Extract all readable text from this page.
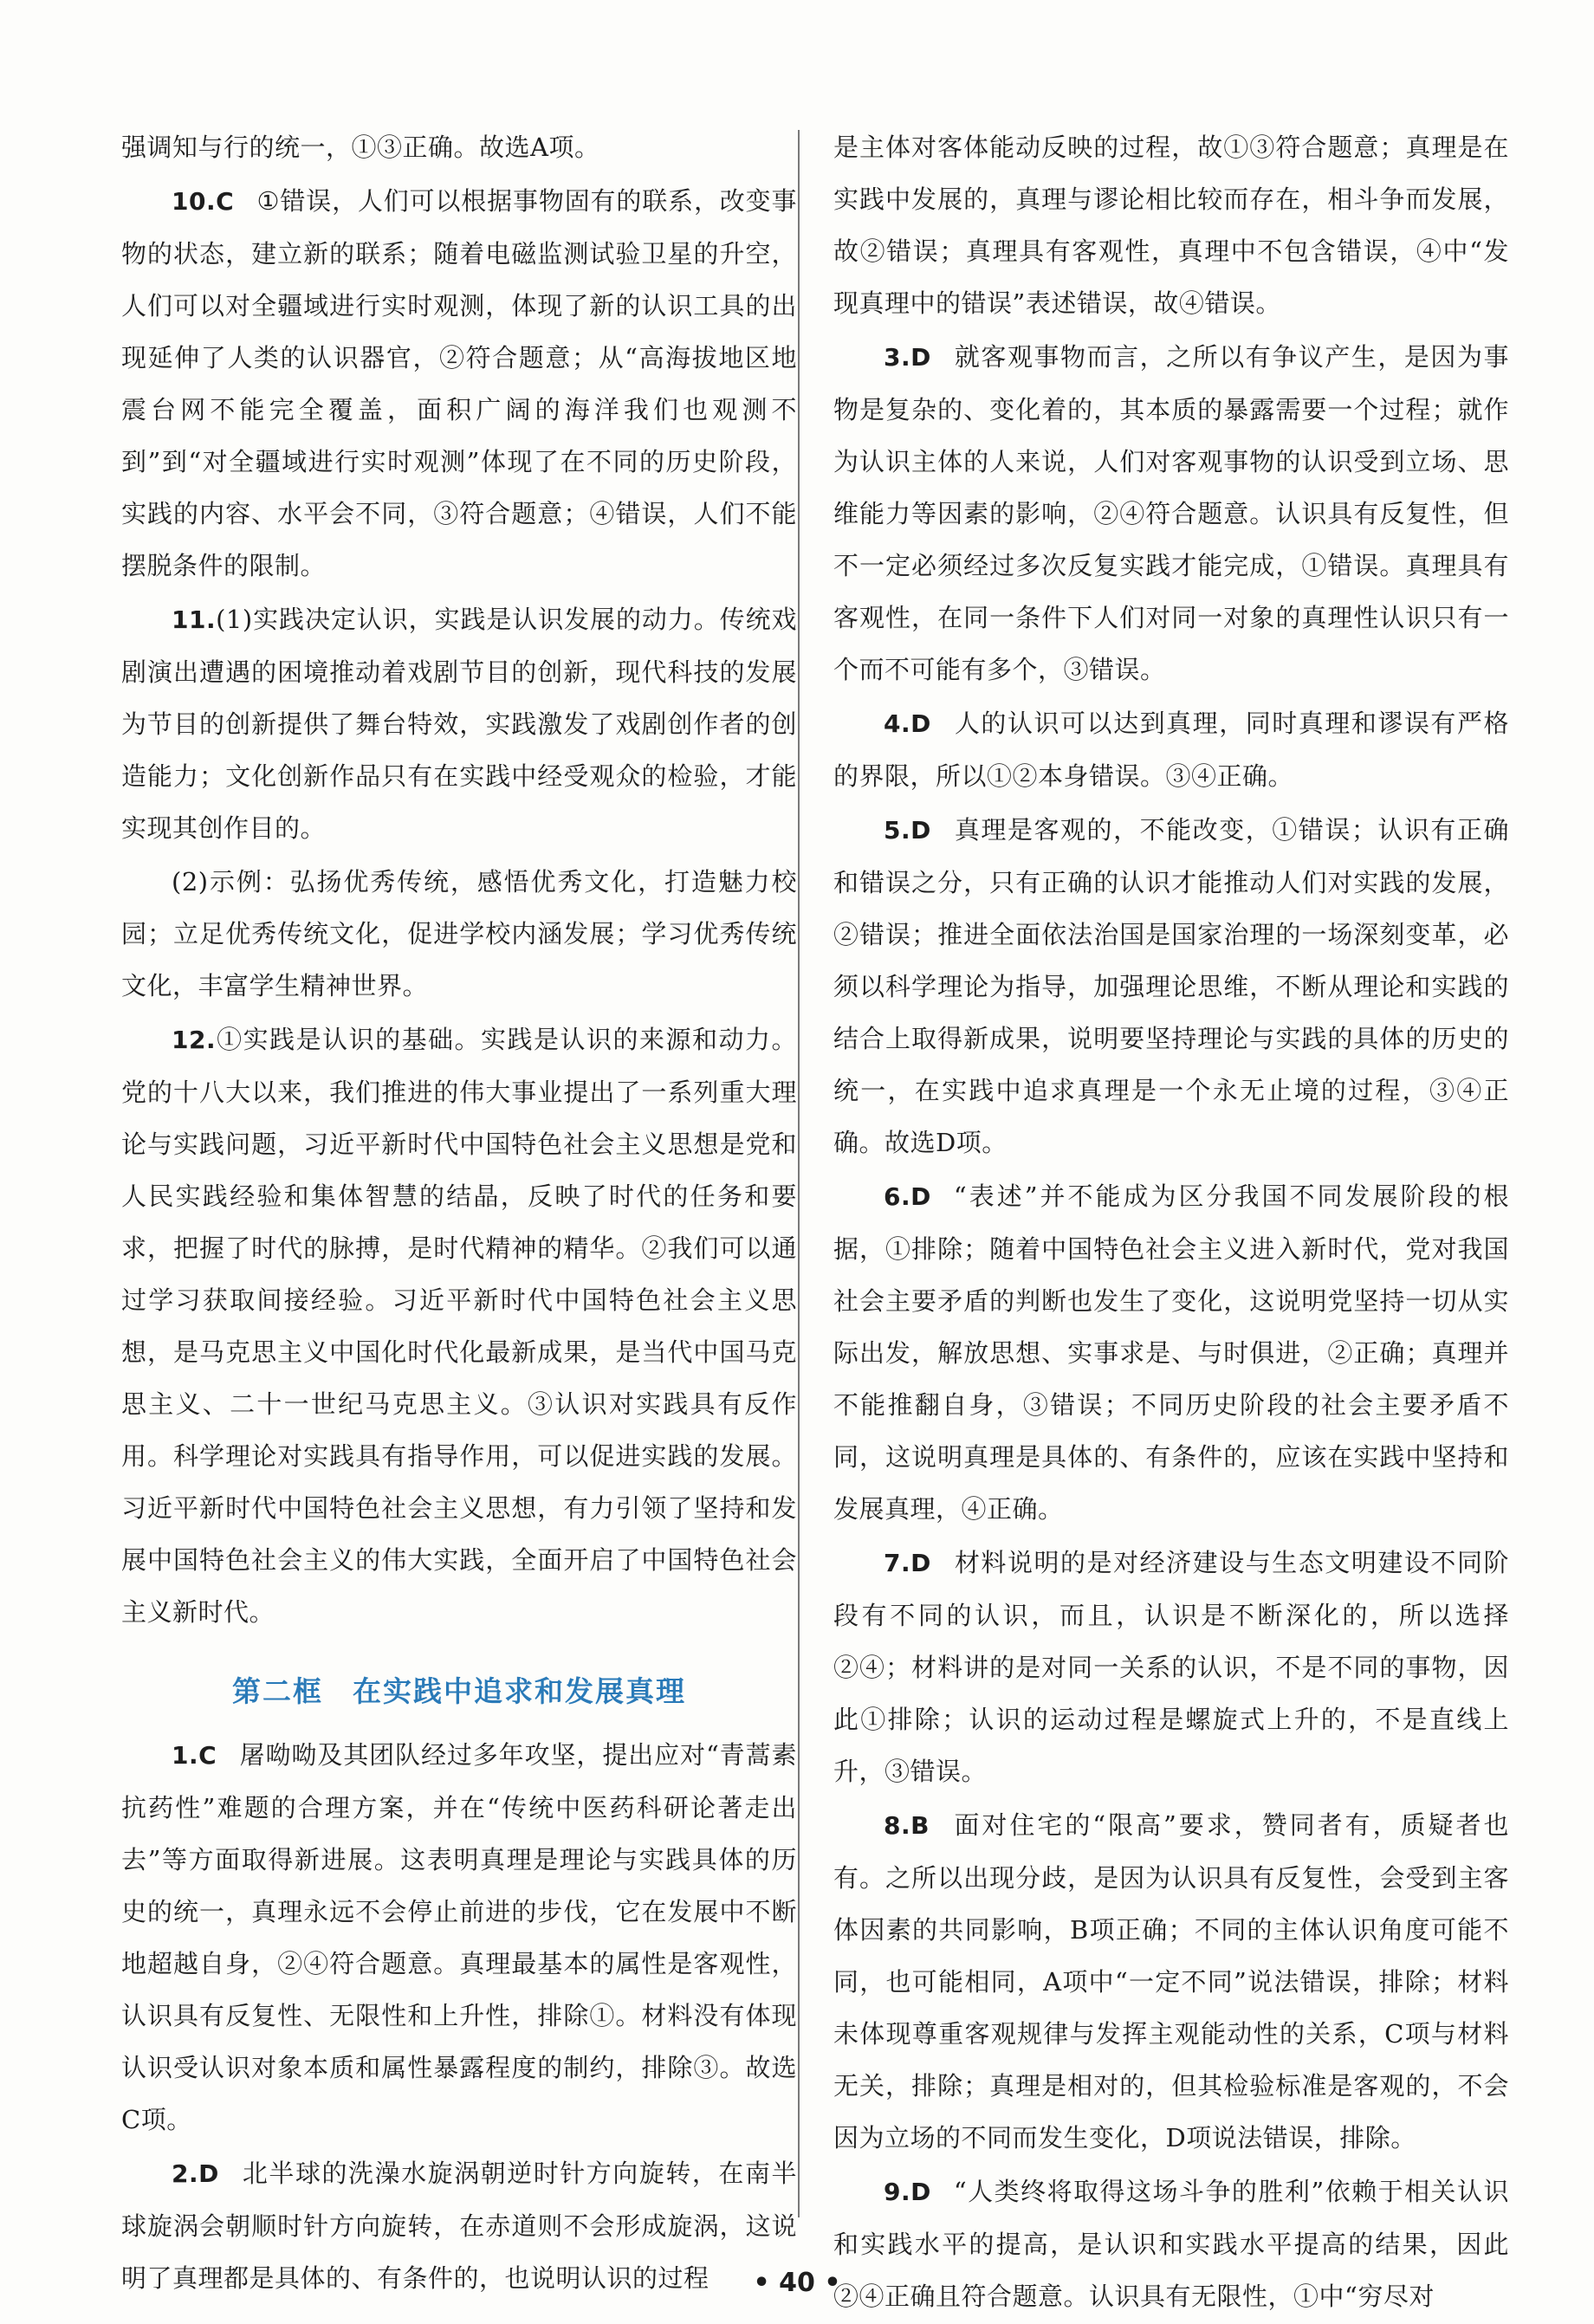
强调知与行的统一，①③正确。故选A项。

10.C ①错误，人们可以根据事物固有的联系，改变事物的状态，建立新的联系；随着电磁监测试验卫星的升空，人们可以对全疆域进行实时观测，体现了新的认识工具的出现延伸了人类的认识器官，②符合题意；从“高海拔地区地震台网不能完全覆盖，面积广阔的海洋我们也观测不到”到“对全疆域进行实时观测”体现了在不同的历史阶段，实践的内容、水平会不同，③符合题意；④错误，人们不能摆脱条件的限制。

11.(1)实践决定认识，实践是认识发展的动力。传统戏剧演出遭遇的困境推动着戏剧节目的创新，现代科技的发展为节目的创新提供了舞台特效，实践激发了戏剧创作者的创造能力；文化创新作品只有在实践中经受观众的检验，才能实现其创作目的。

(2)示例：弘扬优秀传统，感悟优秀文化，打造魅力校园；立足优秀传统文化，促进学校内涵发展；学习优秀传统文化，丰富学生精神世界。

12.①实践是认识的基础。实践是认识的来源和动力。党的十八大以来，我们推进的伟大事业提出了一系列重大理论与实践问题，习近平新时代中国特色社会主义思想是党和人民实践经验和集体智慧的结晶，反映了时代的任务和要求，把握了时代的脉搏，是时代精神的精华。②我们可以通过学习获取间接经验。习近平新时代中国特色社会主义思想，是马克思主义中国化时代化最新成果，是当代中国马克思主义、二十一世纪马克思主义。③认识对实践具有反作用。科学理论对实践具有指导作用，可以促进实践的发展。习近平新时代中国特色社会主义思想，有力引领了坚持和发展中国特色社会主义的伟大实践，全面开启了中国特色社会主义新时代。

第二框 在实践中追求和发展真理

1.C 屠呦呦及其团队经过多年攻坚，提出应对“青蒿素抗药性”难题的合理方案，并在“传统中医药科研论著走出去”等方面取得新进展。这表明真理是理论与实践具体的历史的统一，真理永远不会停止前进的步伐，它在发展中不断地超越自身，②④符合题意。真理最基本的属性是客观性，认识具有反复性、无限性和上升性，排除①。材料没有体现认识受认识对象本质和属性暴露程度的制约，排除③。故选C项。

2.D 北半球的洗澡水旋涡朝逆时针方向旋转，在南半球旋涡会朝顺时针方向旋转，在赤道则不会形成旋涡，这说明了真理都是具体的、有条件的，也说明认识的过程

是主体对客体能动反映的过程，故①③符合题意；真理是在实践中发展的，真理与谬论相比较而存在，相斗争而发展，故②错误；真理具有客观性，真理中不包含错误，④中“发现真理中的错误”表述错误，故④错误。

3.D 就客观事物而言，之所以有争议产生，是因为事物是复杂的、变化着的，其本质的暴露需要一个过程；就作为认识主体的人来说，人们对客观事物的认识受到立场、思维能力等因素的影响，②④符合题意。认识具有反复性，但不一定必须经过多次反复实践才能完成，①错误。真理具有客观性，在同一条件下人们对同一对象的真理性认识只有一个而不可能有多个，③错误。

4.D 人的认识可以达到真理，同时真理和谬误有严格的界限，所以①②本身错误。③④正确。

5.D 真理是客观的，不能改变，①错误；认识有正确和错误之分，只有正确的认识才能推动人们对实践的发展，②错误；推进全面依法治国是国家治理的一场深刻变革，必须以科学理论为指导，加强理论思维，不断从理论和实践的结合上取得新成果，说明要坚持理论与实践的具体的历史的统一，在实践中追求真理是一个永无止境的过程，③④正确。故选D项。

6.D “表述”并不能成为区分我国不同发展阶段的根据，①排除；随着中国特色社会主义进入新时代，党对我国社会主要矛盾的判断也发生了变化，这说明党坚持一切从实际出发，解放思想、实事求是、与时俱进，②正确；真理并不能推翻自身，③错误；不同历史阶段的社会主要矛盾不同，这说明真理是具体的、有条件的，应该在实践中坚持和发展真理，④正确。

7.D 材料说明的是对经济建设与生态文明建设不同阶段有不同的认识，而且，认识是不断深化的，所以选择②④；材料讲的是对同一关系的认识，不是不同的事物，因此①排除；认识的运动过程是螺旋式上升的，不是直线上升，③错误。

8.B 面对住宅的“限高”要求，赞同者有，质疑者也有。之所以出现分歧，是因为认识具有反复性，会受到主客体因素的共同影响，B项正确；不同的主体认识角度可能不同，也可能相同，A项中“一定不同”说法错误，排除；材料未体现尊重客观规律与发挥主观能动性的关系，C项与材料无关，排除；真理是相对的，但其检验标准是客观的，不会因为立场的不同而发生变化，D项说法错误，排除。

9.D “人类终将取得这场斗争的胜利”依赖于相关认识和实践水平的提高，是认识和实践水平提高的结果，因此②④正确且符合题意。认识具有无限性，①中“穷尽对

• 40 •
